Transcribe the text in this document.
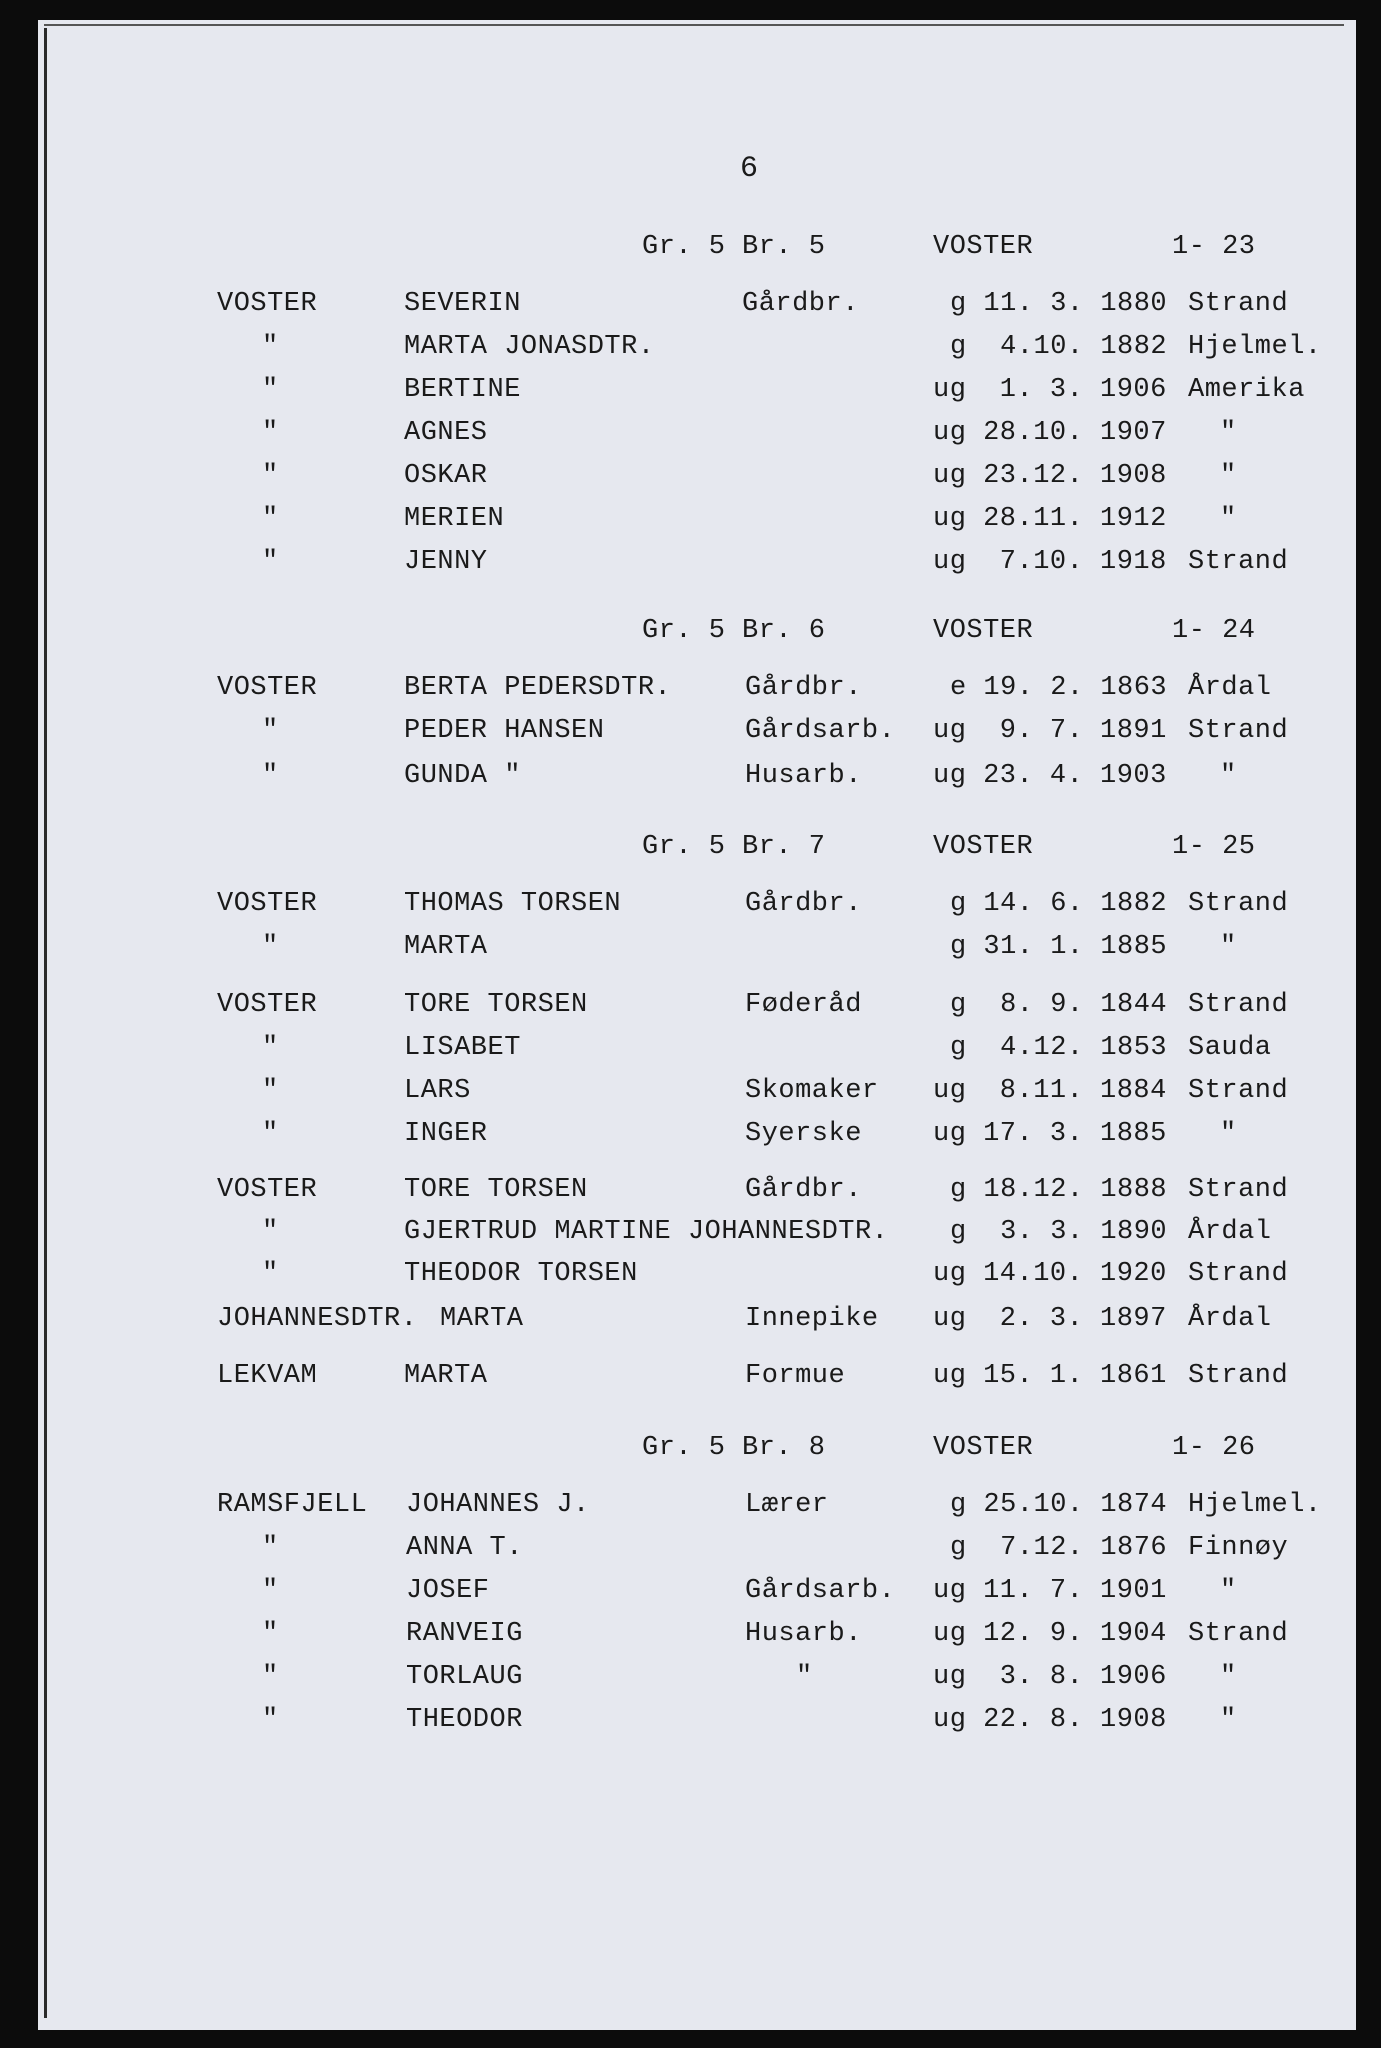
6
Gr. 5 Br. 5	VOSTER	1- 23
VOSTER	SEVERIN	Gårdbr.	g 11. 3. 1880 Strand
"	MARTA JONASDTR.	g  4.10. 1882 Hjelmel.
"	BERTINE	ug  1. 3. 1906 Amerika
"	AGNES	ug 28.10. 1907 "
"	OSKAR	ug 23.12. 1908 "
"	MERIEN	ug 28.11. 1912 "
"	JENNY	ug  7.10. 1918 Strand
Gr. 5 Br. 6	VOSTER	1- 24
VOSTER	BERTA PEDERSDTR.	Gårdbr.	e 19. 2. 1863 Årdal
"	PEDER HANSEN	Gårdsarb. ug  9. 7. 1891 Strand
"	GUNDA "	Husarb.	ug 23. 4. 1903 "
Gr. 5 Br. 7	VOSTER	1- 25
VOSTER	THOMAS TORSEN	Gårdbr.	g 14. 6. 1882 Strand
"	MARTA	g 31. 1. 1885 "
VOSTER	TORE TORSEN	Føderåd	g  8. 9. 1844 Strand
"	LISABET	g  4.12. 1853 Sauda
"	LARS	Skomaker ug  8.11. 1884 Strand
"	INGER	Syerske	ug 17. 3. 1885 "
VOSTER	TORE TORSEN	Gårdbr.	g 18.12. 1888 Strand
"	GJERTRUD MARTINE JOHANNESDTR. g  3. 3. 1890 Årdal
"	THEODOR TORSEN	ug 14.10. 1920 Strand
JOHANNESDTR. MARTA	Innepike ug  2. 3. 1897 Årdal
LEKVAM	MARTA	Formue	ug 15. 1. 1861 Strand
Gr. 5 Br. 8	VOSTER	1- 26
RAMSFJELL JOHANNES J.	Lærer	g 25.10. 1874 Hjelmel.
"	ANNA T.	g  7.12. 1876 Finnøy
"	JOSEF	Gårdsarb. ug 11. 7. 1901 "
"	RANVEIG	Husarb.	ug 12. 9. 1904 Strand
"	TORLAUG	"	ug  3. 8. 1906 "
"	THEODOR	ug 22. 8. 1908 "
